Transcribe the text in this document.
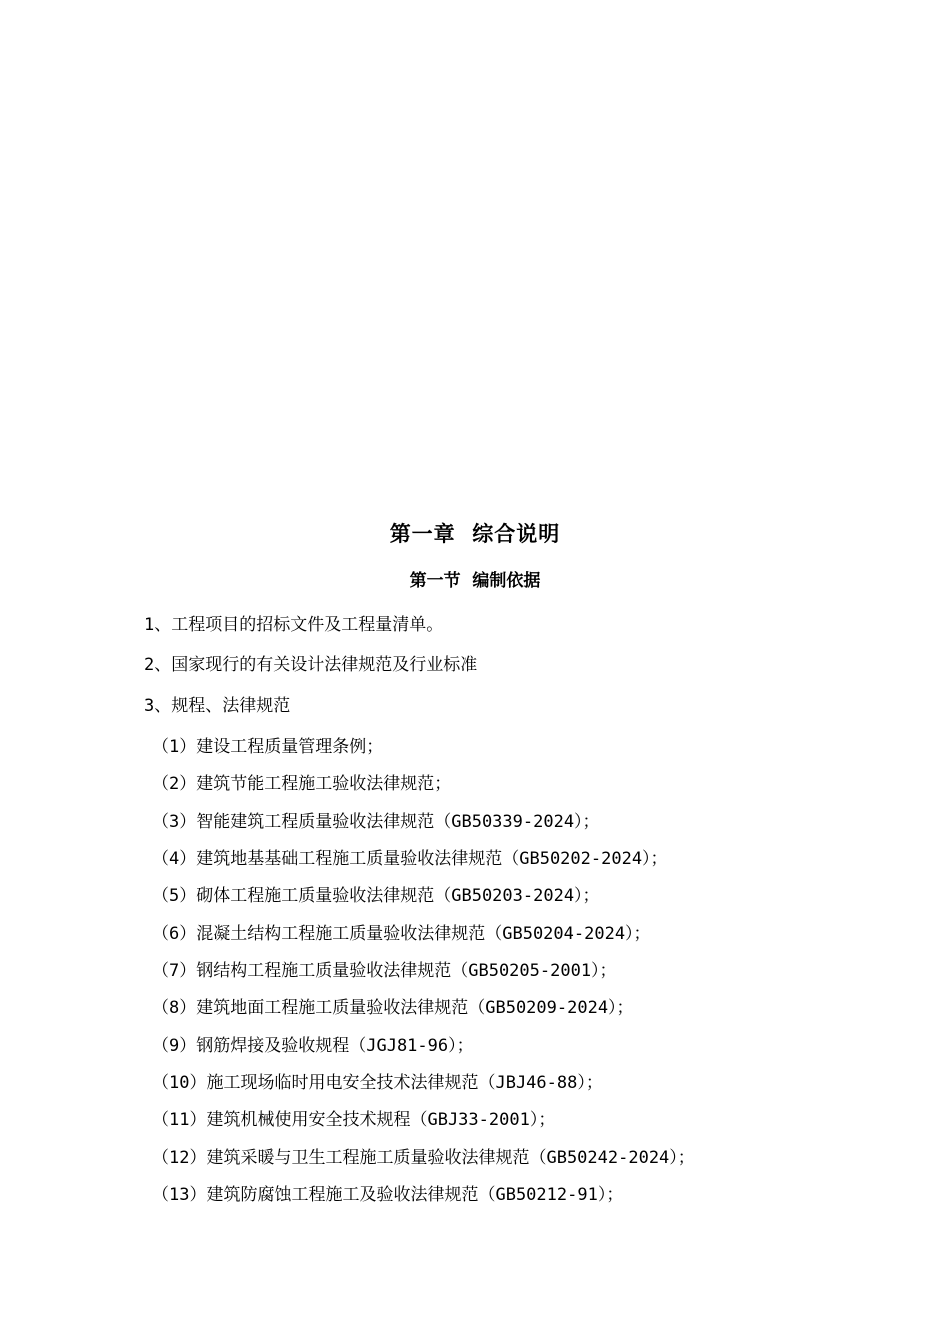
第一章  综合说明
第一节  编制依据
1、工程项目的招标文件及工程量清单。
2、国家现行的有关设计法律规范及行业标准
3、规程、法律规范
（1）建设工程质量管理条例；
（2）建筑节能工程施工验收法律规范；
（3）智能建筑工程质量验收法律规范（GB50339-2024）；
（4）建筑地基基础工程施工质量验收法律规范（GB50202-2024）；
（5）砌体工程施工质量验收法律规范（GB50203-2024）；
（6）混凝土结构工程施工质量验收法律规范（GB50204-2024）；
（7）钢结构工程施工质量验收法律规范（GB50205-2001）；
（8）建筑地面工程施工质量验收法律规范（GB50209-2024）；
（9）钢筋焊接及验收规程（JGJ81-96）；
（10）施工现场临时用电安全技术法律规范（JBJ46-88）；
（11）建筑机械使用安全技术规程（GBJ33-2001）；
（12）建筑采暖与卫生工程施工质量验收法律规范（GB50242-2024）；
（13）建筑防腐蚀工程施工及验收法律规范（GB50212-91）；
